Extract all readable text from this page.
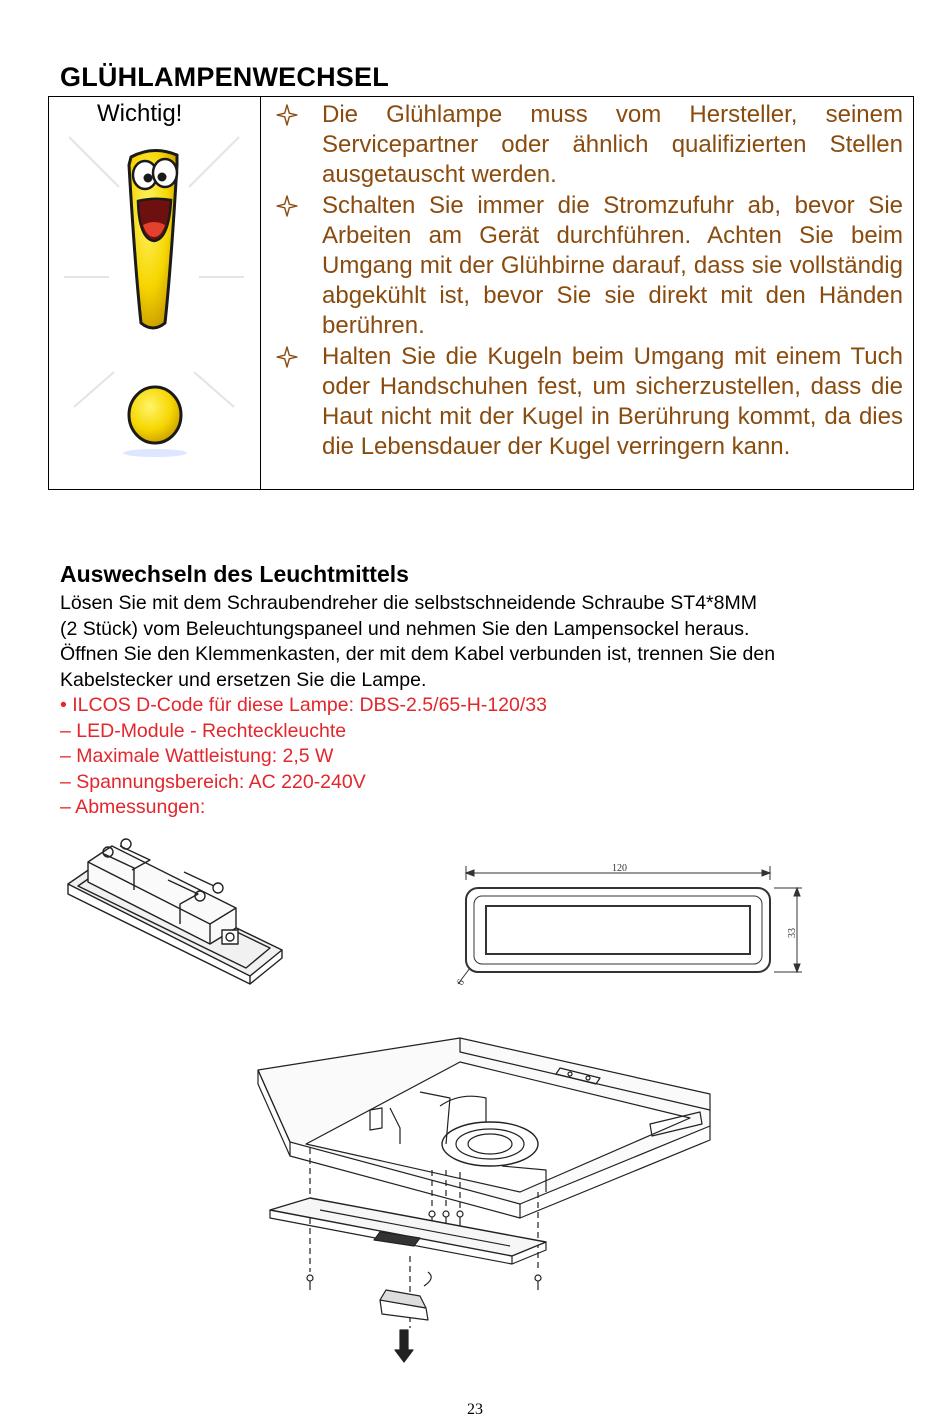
GLÜHLAMPENWECHSEL
Wichtig!	Die Glühlampe muss vom Hersteller, seinem Servicepartner oder ähnlich qualifizierten Stellen ausgetauscht werden.
Schalten Sie immer die Stromzufuhr ab, bevor Sie Arbeiten am Gerät durchführen. Achten Sie beim Umgang mit der Glühbirne darauf, dass sie vollständig abgekühlt ist, bevor Sie sie direkt mit den Händen berühren.
Halten Sie die Kugeln beim Umgang mit einem Tuch oder Handschuhen fest, um sicherzustellen, dass die Haut nicht mit der Kugel in Berührung kommt, da dies die Lebensdauer der Kugel verringern kann.
Auswechseln des Leuchtmittels

Lösen Sie mit dem Schraubendreher die selbstschneidende Schraube ST4*8MM
(2 Stück) vom Beleuchtungspaneel und nehmen Sie den Lampensockel heraus.
Öffnen Sie den Klemmenkasten, der mit dem Kabel verbunden ist, trennen Sie den
Kabelstecker und ersetzen Sie die Lampe.

• ILCOS D-Code für diese Lampe: DBS-2.5/65-H-120/33
– LED-Module - Rechteckleuchte
– Maximale Wattleistung: 2,5 W
– Spannungsbereich: AC 220-240V
– Abmessungen:
120
33
6
23
